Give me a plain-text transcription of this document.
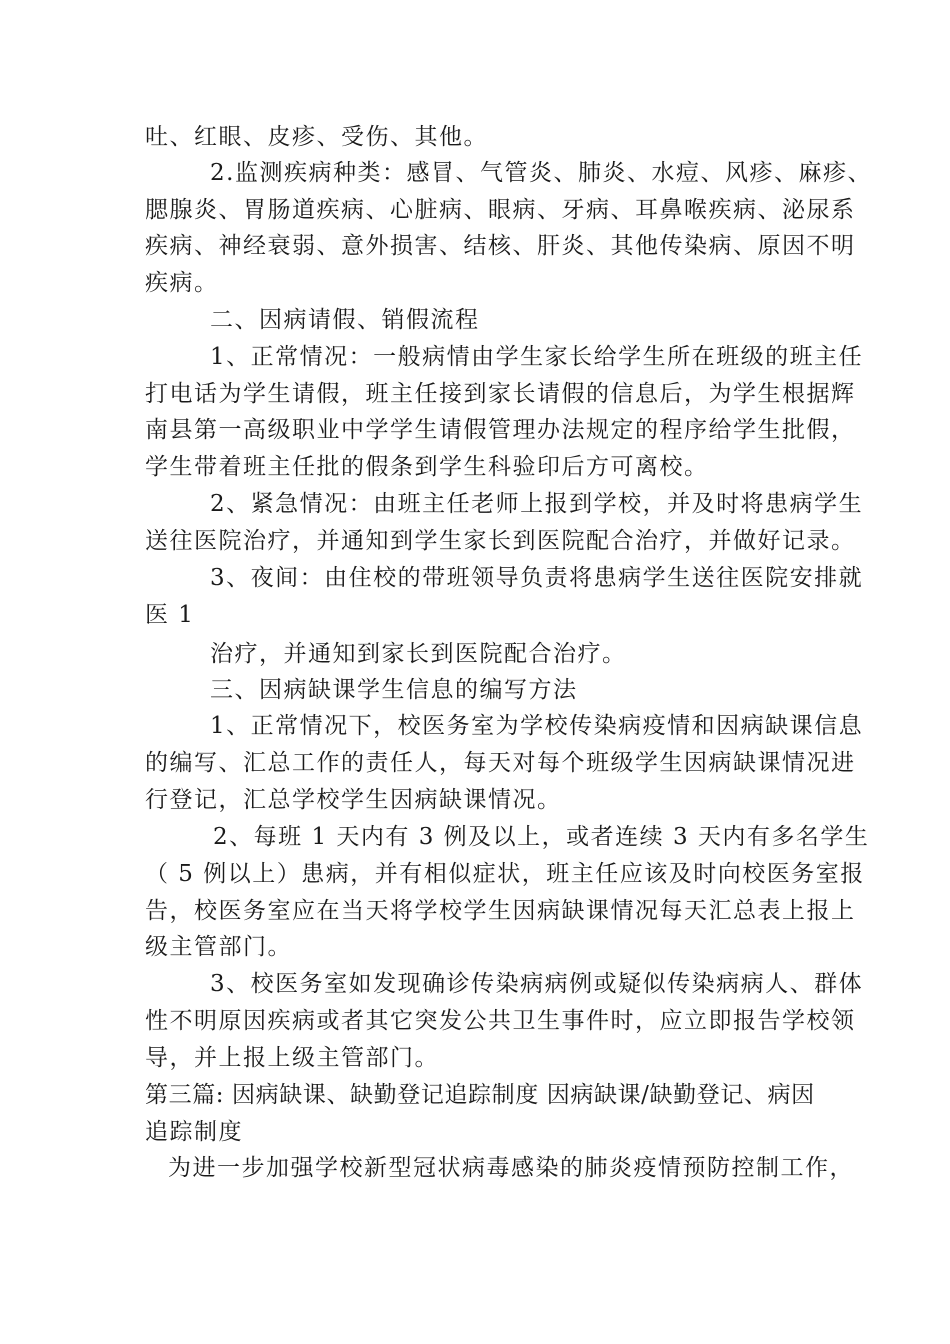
吐、红眼、皮疹、受伤、其他。
2.监测疾病种类：感冒、气管炎、肺炎、水痘、风疹、麻疹、
腮腺炎、胃肠道疾病、心脏病、眼病、牙病、耳鼻喉疾病、泌尿系
疾病、神经衰弱、意外损害、结核、肝炎、其他传染病、原因不明
疾病。
二、因病请假、销假流程
1、正常情况：一般病情由学生家长给学生所在班级的班主任
打电话为学生请假，班主任接到家长请假的信息后，为学生根据辉
南县第一高级职业中学学生请假管理办法规定的程序给学生批假，
学生带着班主任批的假条到学生科验印后方可离校。
2、紧急情况：由班主任老师上报到学校，并及时将患病学生
送往医院治疗，并通知到学生家长到医院配合治疗，并做好记录。
3、夜间：由住校的带班领导负责将患病学生送往医院安排就
医 1
治疗，并通知到家长到医院配合治疗。
三、因病缺课学生信息的编写方法
1、正常情况下，校医务室为学校传染病疫情和因病缺课信息
的编写、汇总工作的责任人，每天对每个班级学生因病缺课情况进
行登记，汇总学校学生因病缺课情况。
2、每班 1 天内有 3 例及以上，或者连续 3 天内有多名学生
（ 5 例以上）患病，并有相似症状，班主任应该及时向校医务室报
告，校医务室应在当天将学校学生因病缺课情况每天汇总表上报上
级主管部门。
3、校医务室如发现确诊传染病病例或疑似传染病病人、群体
性不明原因疾病或者其它突发公共卫生事件时，应立即报告学校领
导，并上报上级主管部门。
第三篇: 因病缺课、缺勤登记追踪制度 因病缺课/缺勤登记、病因
追踪制度
为进一步加强学校新型冠状病毒感染的肺炎疫情预防控制工作，
